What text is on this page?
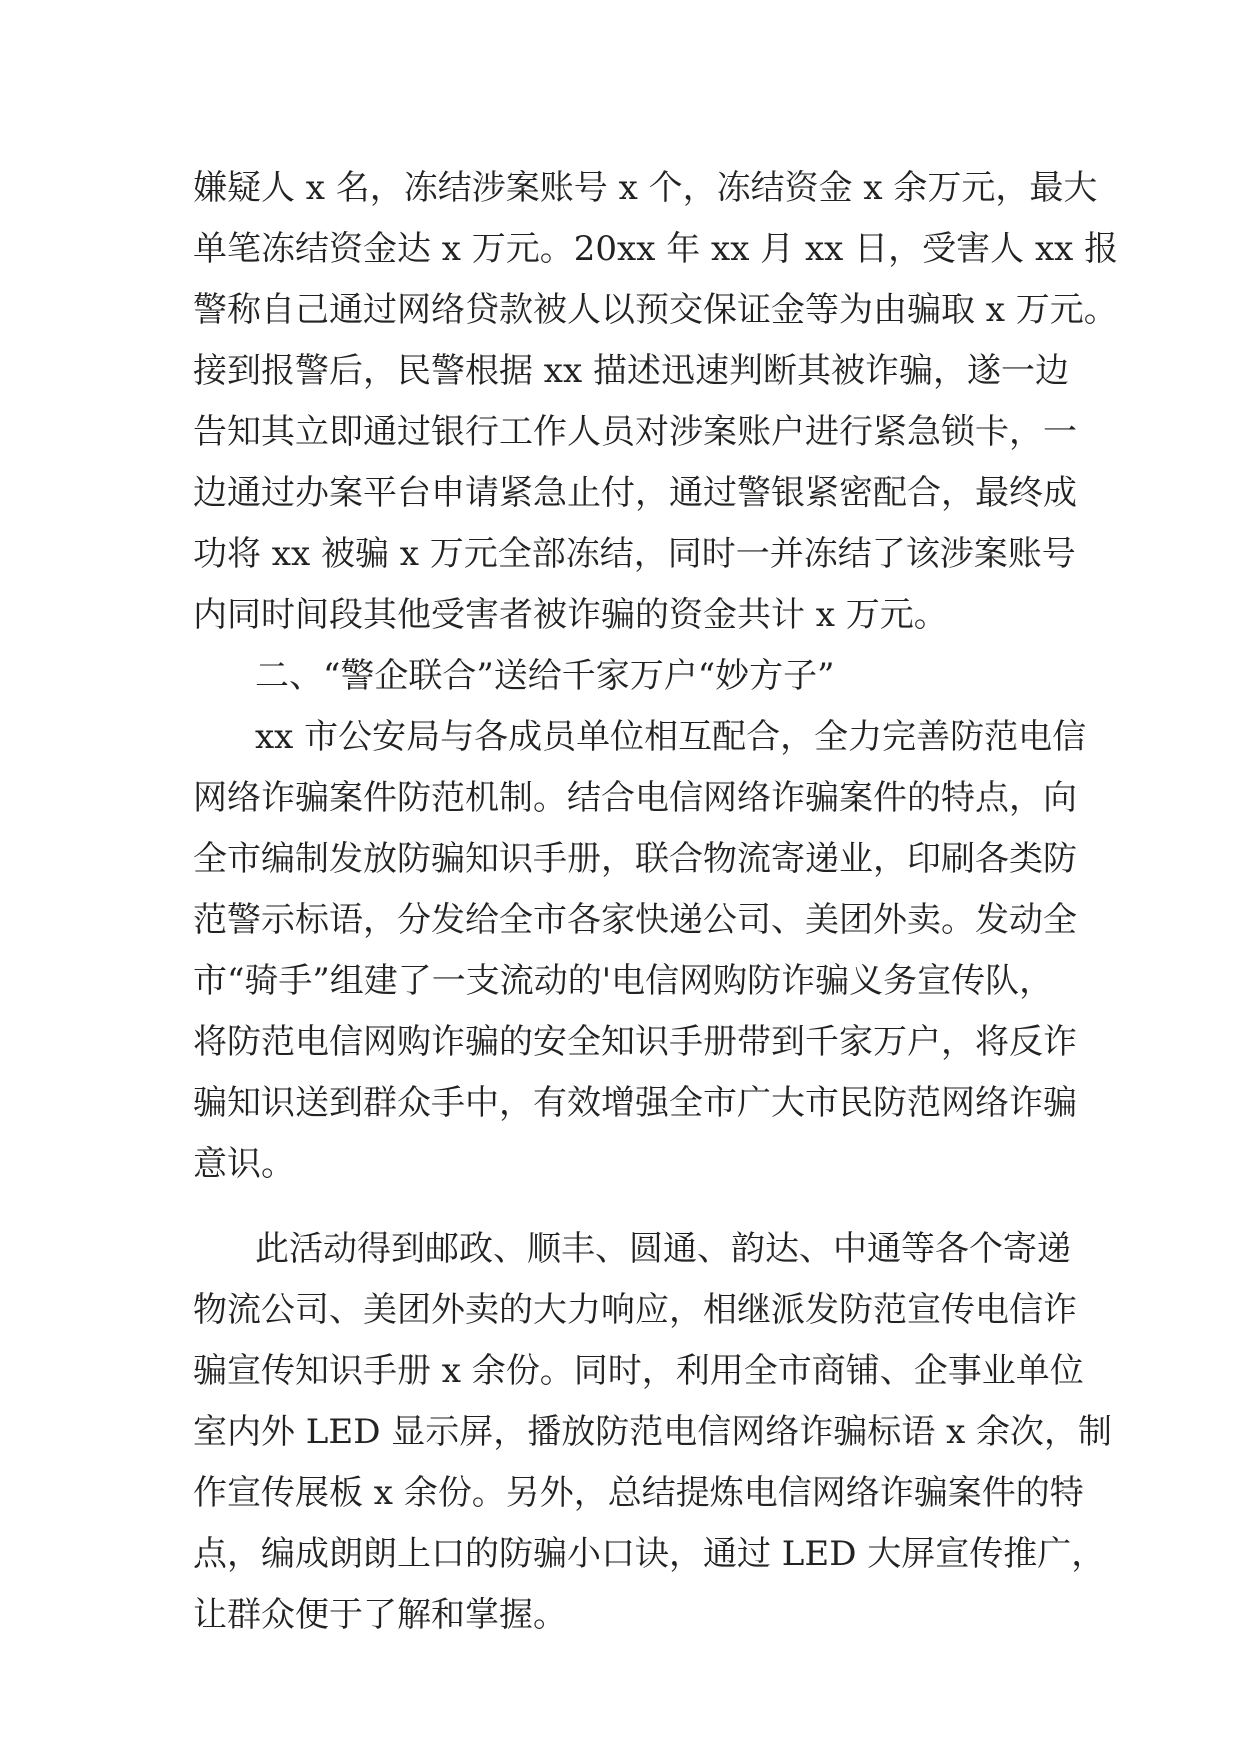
嫌疑人 x 名，冻结涉案账号 x 个，冻结资金 x 余万元，最大
单笔冻结资金达 x 万元。20xx 年 xx 月 xx 日，受害人 xx 报
警称自己通过网络贷款被人以预交保证金等为由骗取 x 万元。
接到报警后，民警根据 xx 描述迅速判断其被诈骗，遂一边
告知其立即通过银行工作人员对涉案账户进行紧急锁卡，一
边通过办案平台申请紧急止付，通过警银紧密配合，最终成
功将 xx 被骗 x 万元全部冻结，同时一并冻结了该涉案账号
内同时间段其他受害者被诈骗的资金共计 x 万元。
二、“警企联合”送给千家万户“妙方子”
xx 市公安局与各成员单位相互配合，全力完善防范电信
网络诈骗案件防范机制。结合电信网络诈骗案件的特点，向
全市编制发放防骗知识手册，联合物流寄递业，印刷各类防
范警示标语，分发给全市各家快递公司、美团外卖。发动全
市“骑手”组建了一支流动的'电信网购防诈骗义务宣传队，
将防范电信网购诈骗的安全知识手册带到千家万户，将反诈
骗知识送到群众手中，有效增强全市广大市民防范网络诈骗
意识。
此活动得到邮政、顺丰、圆通、韵达、中通等各个寄递
物流公司、美团外卖的大力响应，相继派发防范宣传电信诈
骗宣传知识手册 x 余份。同时，利用全市商铺、企事业单位
室内外 LED 显示屏，播放防范电信网络诈骗标语 x 余次，制
作宣传展板 x 余份。另外，总结提炼电信网络诈骗案件的特
点，编成朗朗上口的防骗小口诀，通过 LED 大屏宣传推广，
让群众便于了解和掌握。
